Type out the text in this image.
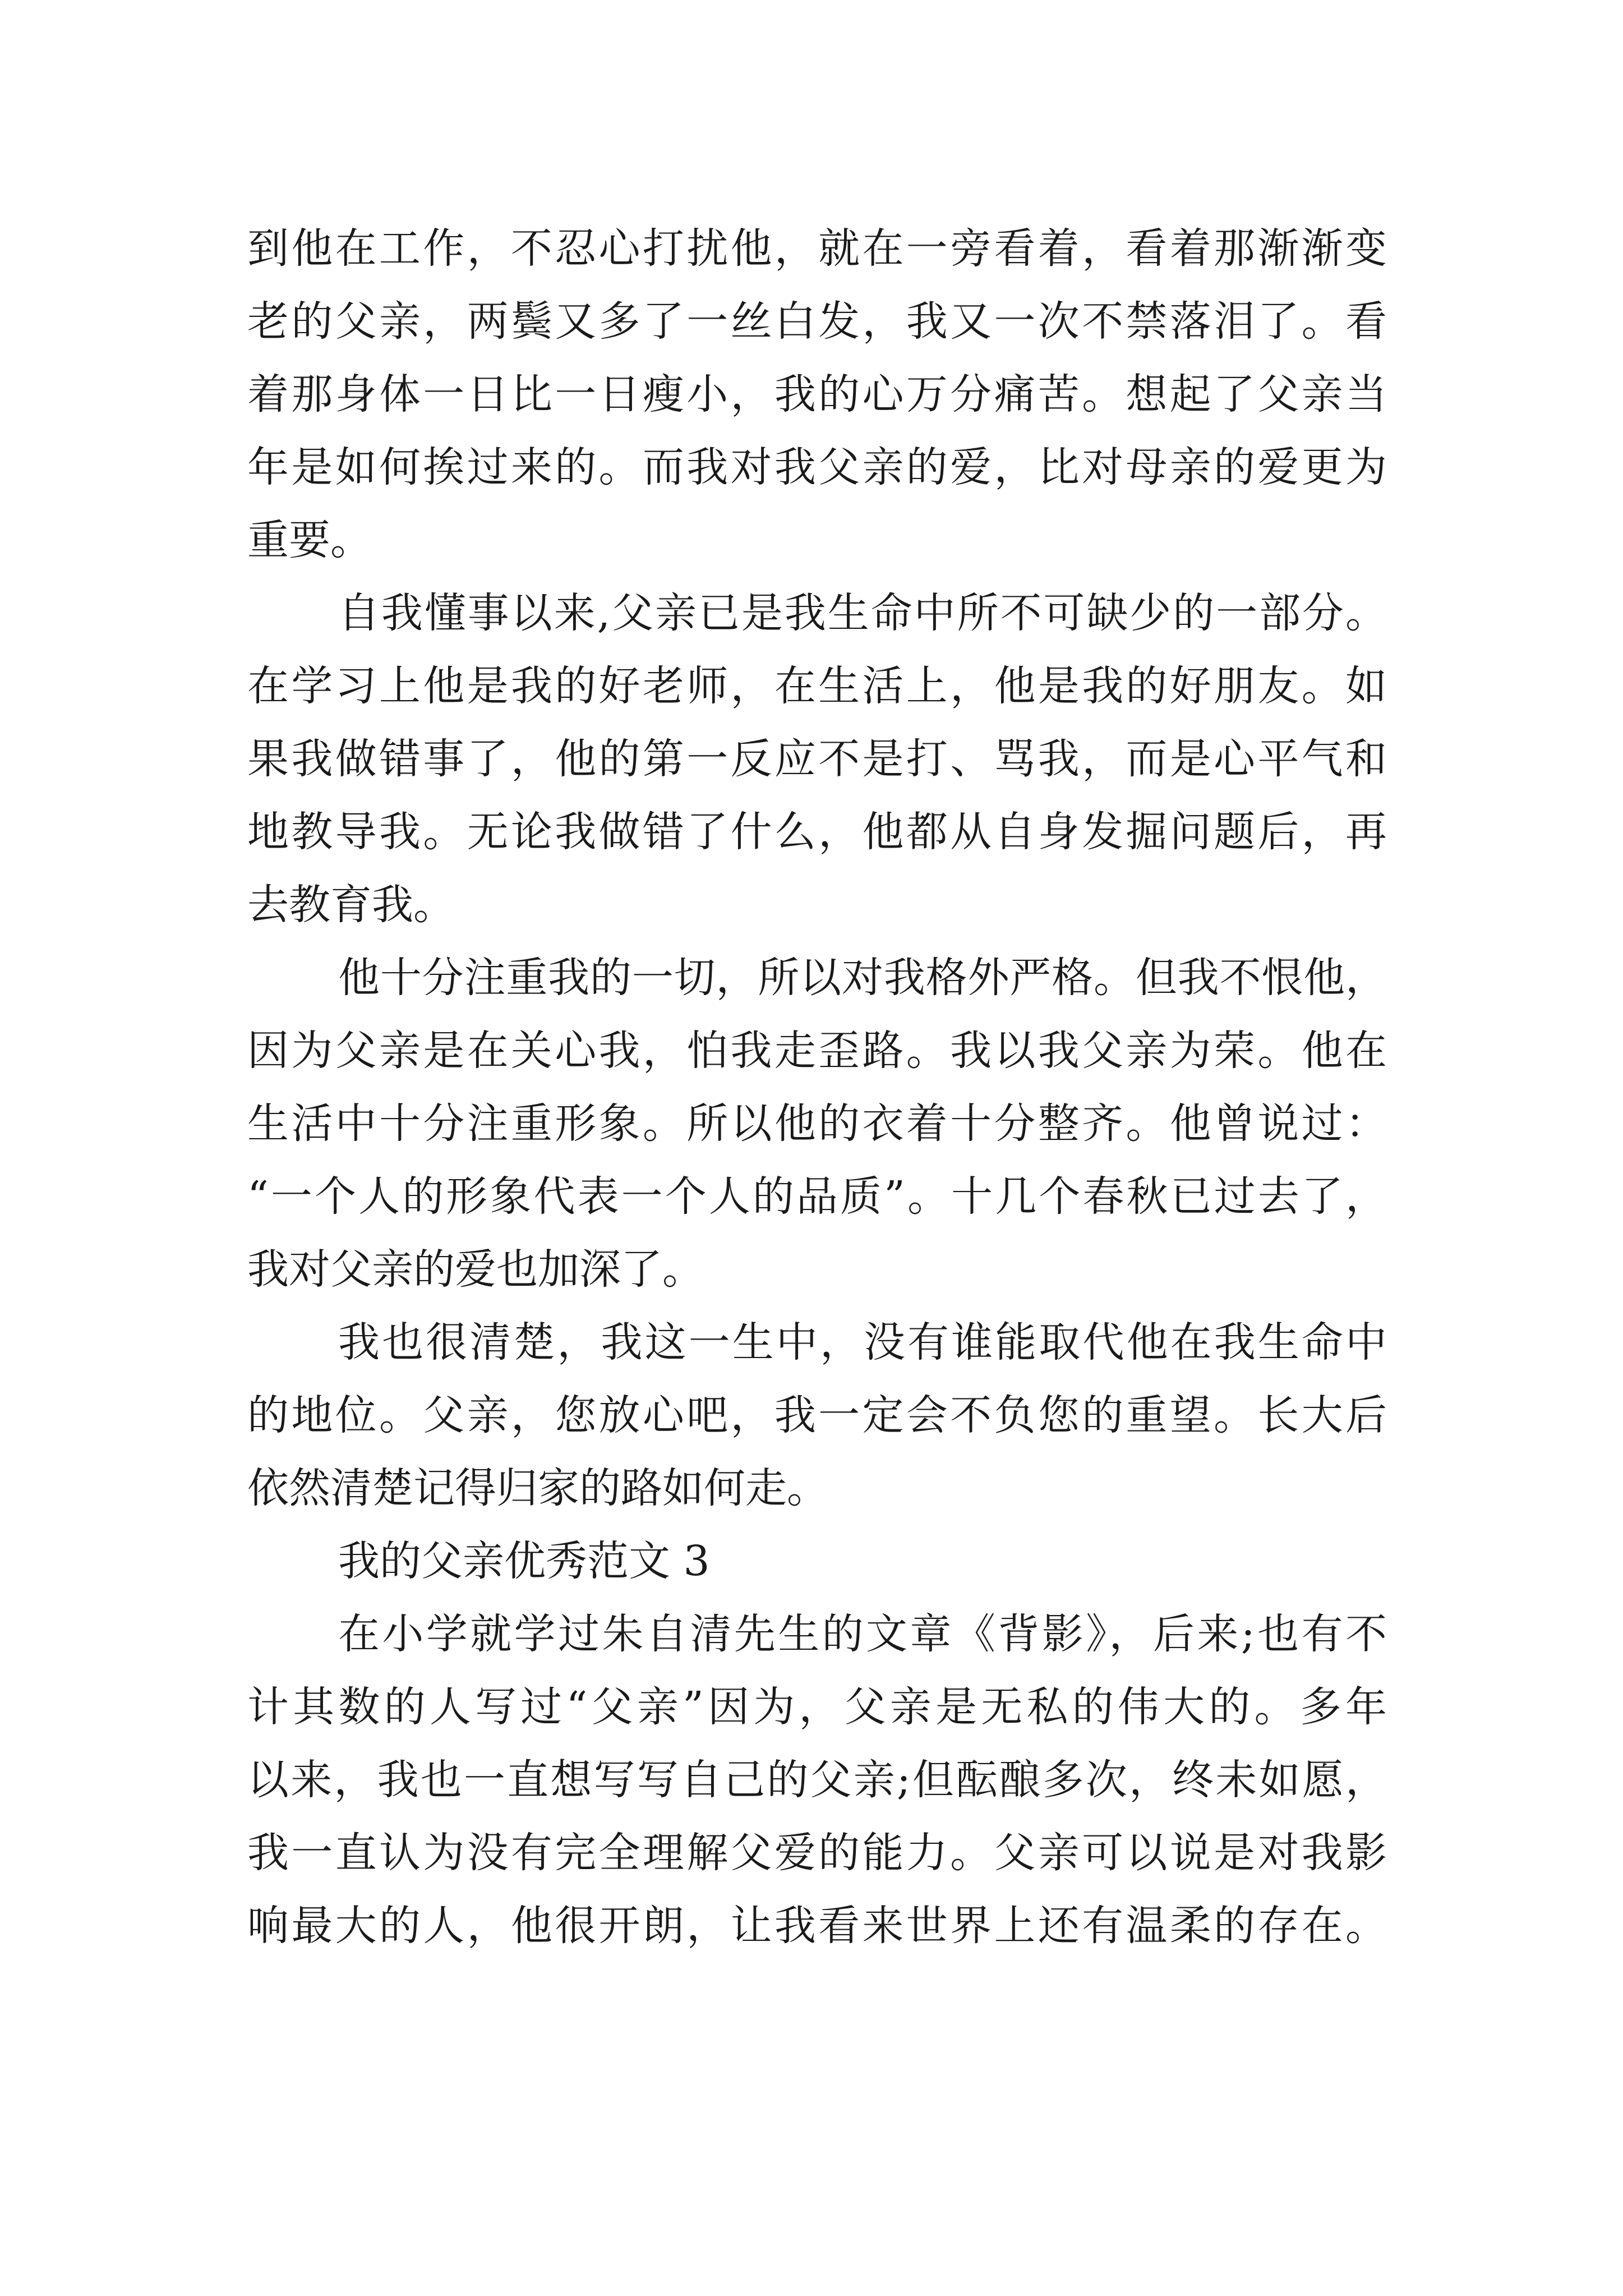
到他在工作，不忍心打扰他，就在一旁看着，看着那渐渐变
老的父亲，两鬓又多了一丝白发，我又一次不禁落泪了。看
着那身体一日比一日瘦小，我的心万分痛苦。想起了父亲当
年是如何挨过来的。而我对我父亲的爱，比对母亲的爱更为
重要。
自我懂事以来,父亲已是我生命中所不可缺少的一部分。
在学习上他是我的好老师，在生活上，他是我的好朋友。如
果我做错事了，他的第一反应不是打、骂我，而是心平气和
地教导我。无论我做错了什么，他都从自身发掘问题后，再
去教育我。
他十分注重我的一切，所以对我格外严格。但我不恨他，
因为父亲是在关心我，怕我走歪路。我以我父亲为荣。他在
生活中十分注重形象。所以他的衣着十分整齐。他曾说过：
“一个人的形象代表一个人的品质”。十几个春秋已过去了，
我对父亲的爱也加深了。
我也很清楚，我这一生中，没有谁能取代他在我生命中
的地位。父亲，您放心吧，我一定会不负您的重望。长大后
依然清楚记得归家的路如何走。
我的父亲优秀范文 3
在小学就学过朱自清先生的文章《背影》，后来;也有不
计其数的人写过“父亲”因为，父亲是无私的伟大的。多年
以来，我也一直想写写自己的父亲;但酝酿多次，终未如愿，
我一直认为没有完全理解父爱的能力。父亲可以说是对我影
响最大的人，他很开朗，让我看来世界上还有温柔的存在。
